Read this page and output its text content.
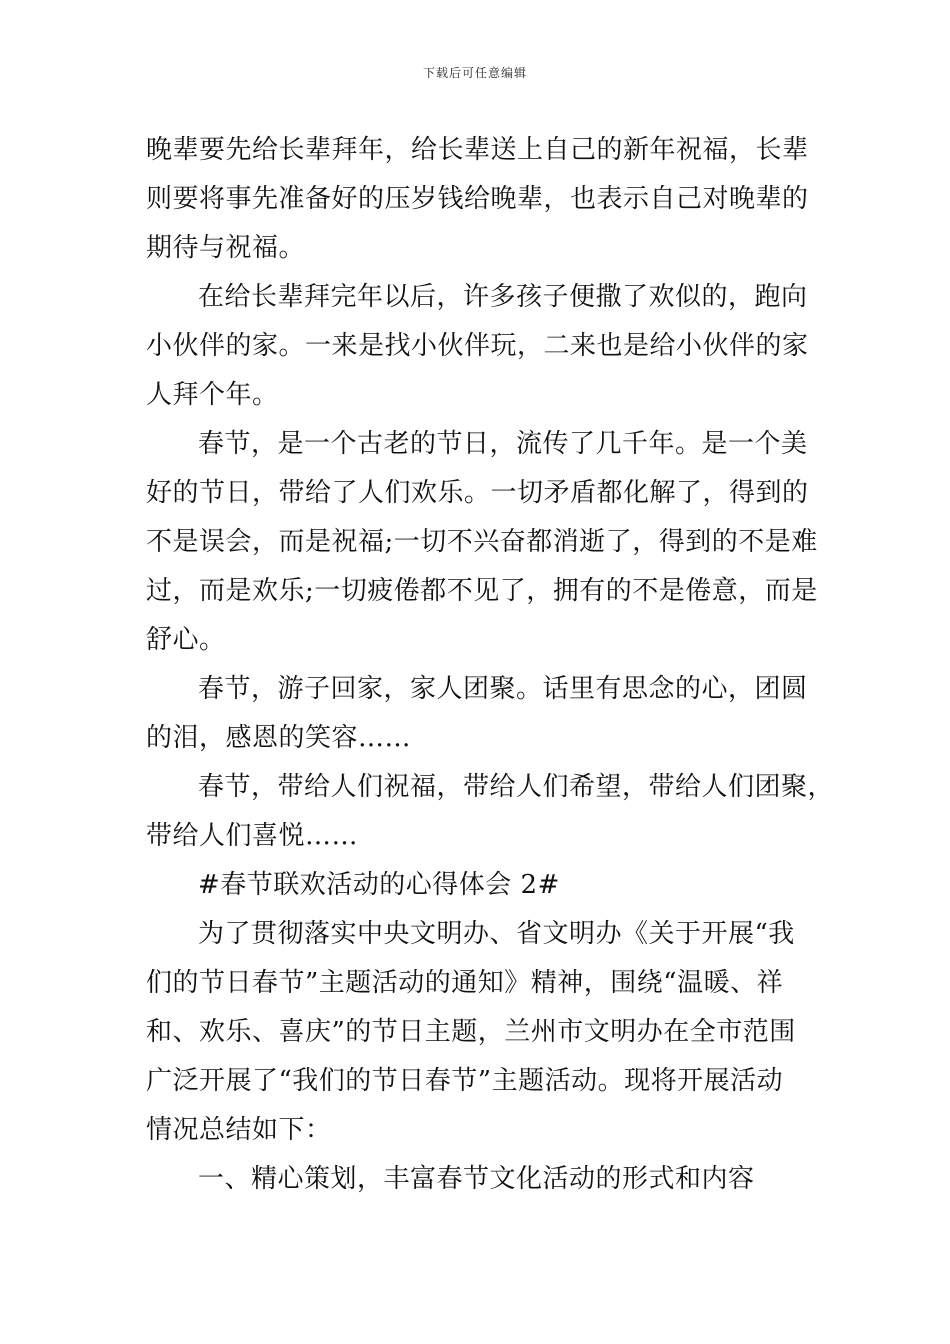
下载后可任意编辑
晚辈要先给长辈拜年，给长辈送上自己的新年祝福，长辈
则要将事先准备好的压岁钱给晚辈，也表示自己对晚辈的
期待与祝福。
在给长辈拜完年以后，许多孩子便撒了欢似的，跑向
小伙伴的家。一来是找小伙伴玩，二来也是给小伙伴的家
人拜个年。
春节，是一个古老的节日，流传了几千年。是一个美
好的节日，带给了人们欢乐。一切矛盾都化解了，得到的
不是误会，而是祝福;一切不兴奋都消逝了，得到的不是难
过，而是欢乐;一切疲倦都不见了，拥有的不是倦意，而是
舒心。
春节，游子回家，家人团聚。话里有思念的心，团圆
的泪，感恩的笑容……
春节，带给人们祝福，带给人们希望，带给人们团聚，
带给人们喜悦……
#春节联欢活动的心得体会 2#
为了贯彻落实中央文明办、省文明办《关于开展“我
们的节日春节”主题活动的通知》精神，围绕“温暖、祥
和、欢乐、喜庆”的节日主题，兰州市文明办在全市范围
广泛开展了“我们的节日春节”主题活动。现将开展活动
情况总结如下：
一、精心策划，丰富春节文化活动的形式和内容
